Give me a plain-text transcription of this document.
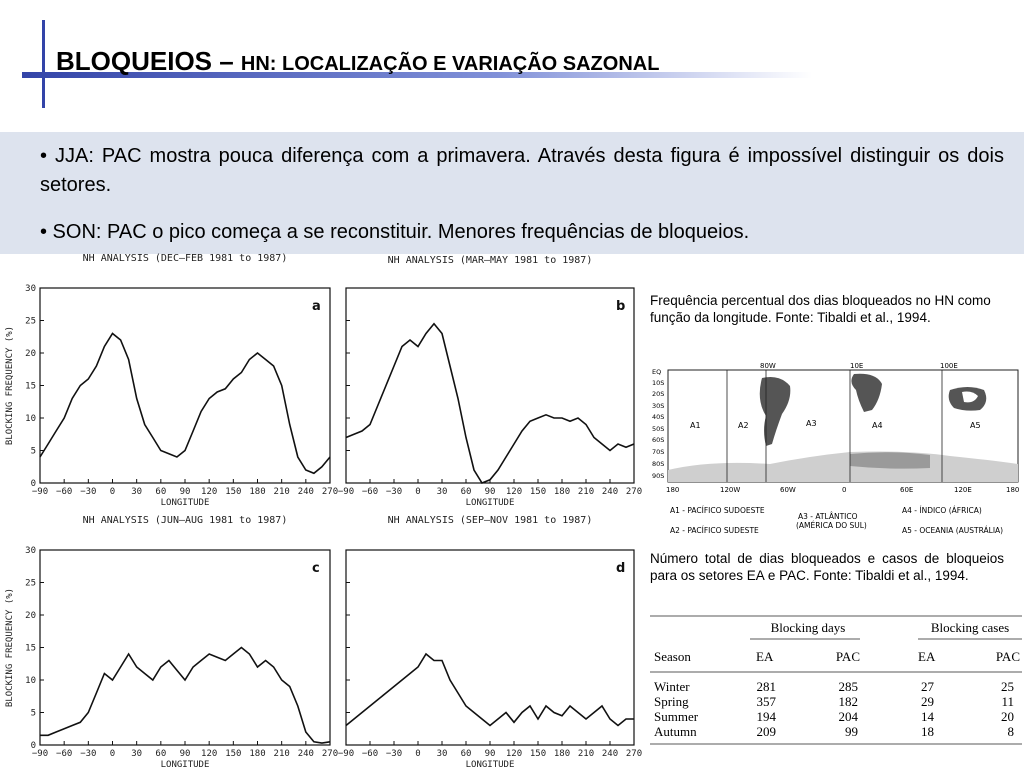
BLOQUEIOS – HN: LOCALIZAÇÃO E VARIAÇÃO SAZONAL
• JJA: PAC mostra pouca diferença com a primavera. Através desta figura é impossível distinguir os dois setores.
• SON: PAC o pico começa a se reconstituir. Menores frequências de bloqueios.
−90 −60 −30 0 30 60 90 120 150 180 210 240 270
0
5
10
15
20
25
30
a
LONGITUDE
BLOCKING FREQUENCY (%)
NH ANALYSIS (DEC–FEB 1981 to 1987)
NH ANALYSIS (JUN–AUG 1981 to 1987)
−90 −60 −30 0 30 60 90 120 150 180 210 240 270
b
LONGITUDE
NH ANALYSIS (MAR–MAY 1981 to 1987)
NH ANALYSIS (SEP–NOV 1981 to 1987)
−90 −60 −30 0 30 60 90 120 150 180 210 240 270
0
5
10
15
20
25
30
c
LONGITUDE
BLOCKING FREQUENCY (%)
−90 −60 −30 0 30 60 90 120 150 180 210 240 270
d
LONGITUDE
Frequência percentual dos dias bloqueados no HN como função da longitude. Fonte: Tibaldi et al., 1994.
80W	10E	100E
EQ
10S
20S
30S
40S
50S
60S
70S
80S
90S
A1	A2	A3	A4	A5
180	120W	60W	0	60E	120E	180
A1 - PACÍFICO SUDOESTE
A2 - PACÍFICO SUDESTE
A3 - ATLÂNTICO
(AMÉRICA DO SUL)
A4 - ÍNDICO (ÁFRICA)
A5 - OCEANIA (AUSTRÁLIA)
Número total de dias bloqueados e casos de bloqueios para os setores EA e PAC. Fonte: Tibaldi et al., 1994.
Blocking days	Blocking cases
Season	EA	PAC	EA	PAC
Winter	281	285	27	25
Spring	357	182	29	11
Summer	194	204	14	20
Autumn	209	99	18	8
